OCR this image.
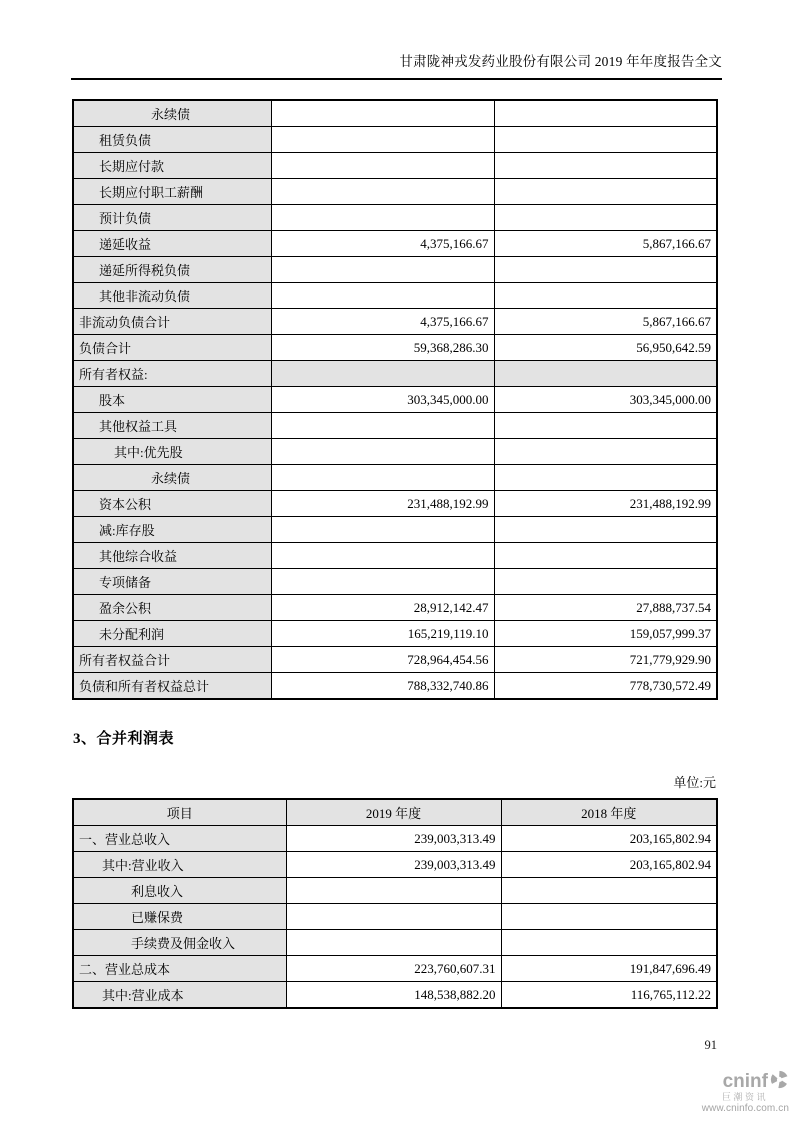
甘肃陇神戎发药业股份有限公司 2019 年年度报告全文
永续债		
租赁负债		
长期应付款		
长期应付职工薪酬		
预计负债		
递延收益	4,375,166.67	5,867,166.67
递延所得税负债		
其他非流动负债		
非流动负债合计	4,375,166.67	5,867,166.67
负债合计	59,368,286.30	56,950,642.59
所有者权益:		
股本	303,345,000.00	303,345,000.00
其他权益工具		
其中:优先股		
永续债		
资本公积	231,488,192.99	231,488,192.99
减:库存股		
其他综合收益		
专项储备		
盈余公积	28,912,142.47	27,888,737.54
未分配利润	165,219,119.10	159,057,999.37
所有者权益合计	728,964,454.56	721,779,929.90
负债和所有者权益总计	788,332,740.86	778,730,572.49
3、合并利润表
单位:元
项目	2019 年度	2018 年度
一、营业总收入	239,003,313.49	203,165,802.94
其中:营业收入	239,003,313.49	203,165,802.94
利息收入		
已赚保费		
手续费及佣金收入		
二、营业总成本	223,760,607.31	191,847,696.49
其中:营业成本	148,538,882.20	116,765,112.22
91
cninf
巨潮资讯
www.cninfo.com.cn
